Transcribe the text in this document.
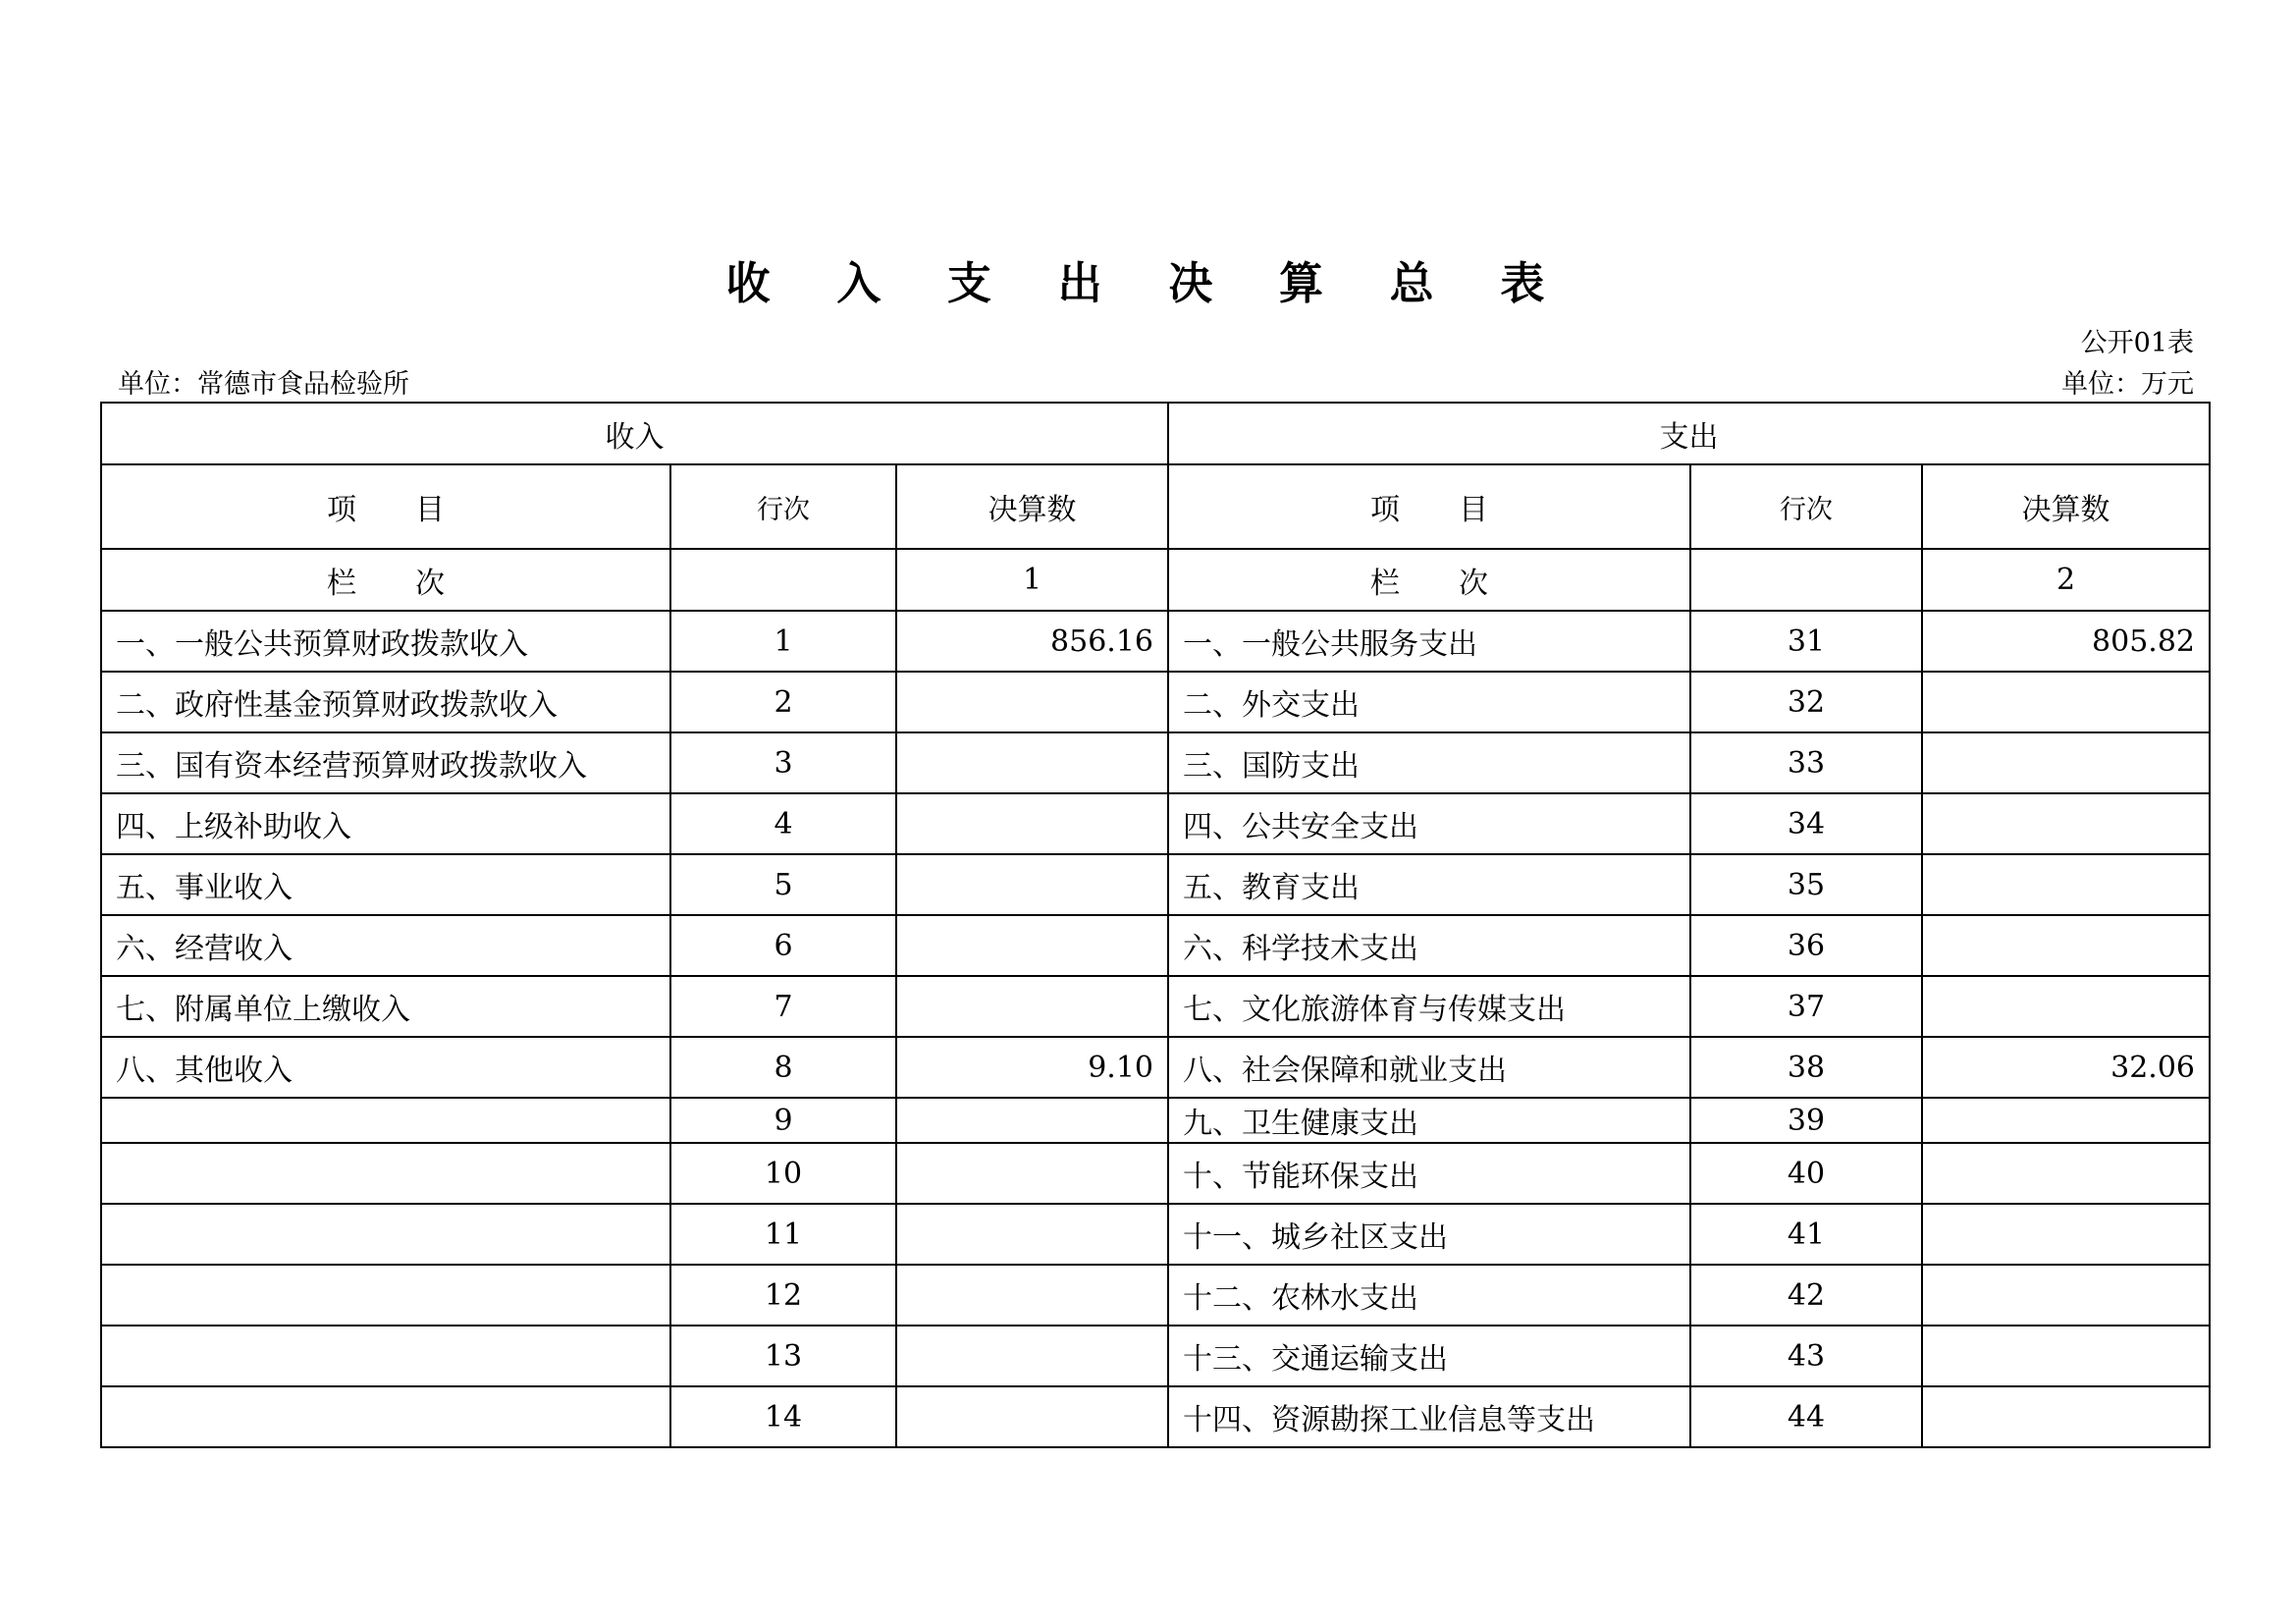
收 入 支 出 决 算 总 表
公开01表
单位：常德市食品检验所	单位：万元
收入			支出		
项　　目	行次	决算数	项　　目	行次	决算数
栏　　次		1	栏　　次		2
一、一般公共预算财政拨款收入	1	856.16	一、一般公共服务支出	31	805.82
二、政府性基金预算财政拨款收入	2		二、外交支出	32	
三、国有资本经营预算财政拨款收入	3		三、国防支出	33	
四、上级补助收入	4		四、公共安全支出	34	
五、事业收入	5		五、教育支出	35	
六、经营收入	6		六、科学技术支出	36	
七、附属单位上缴收入	7		七、文化旅游体育与传媒支出	37	
八、其他收入	8	9.10	八、社会保障和就业支出	38	32.06
	9		九、卫生健康支出	39	
	10		十、节能环保支出	40	
	11		十一、城乡社区支出	41	
	12		十二、农林水支出	42	
	13		十三、交通运输支出	43	
	14		十四、资源勘探工业信息等支出	44	
